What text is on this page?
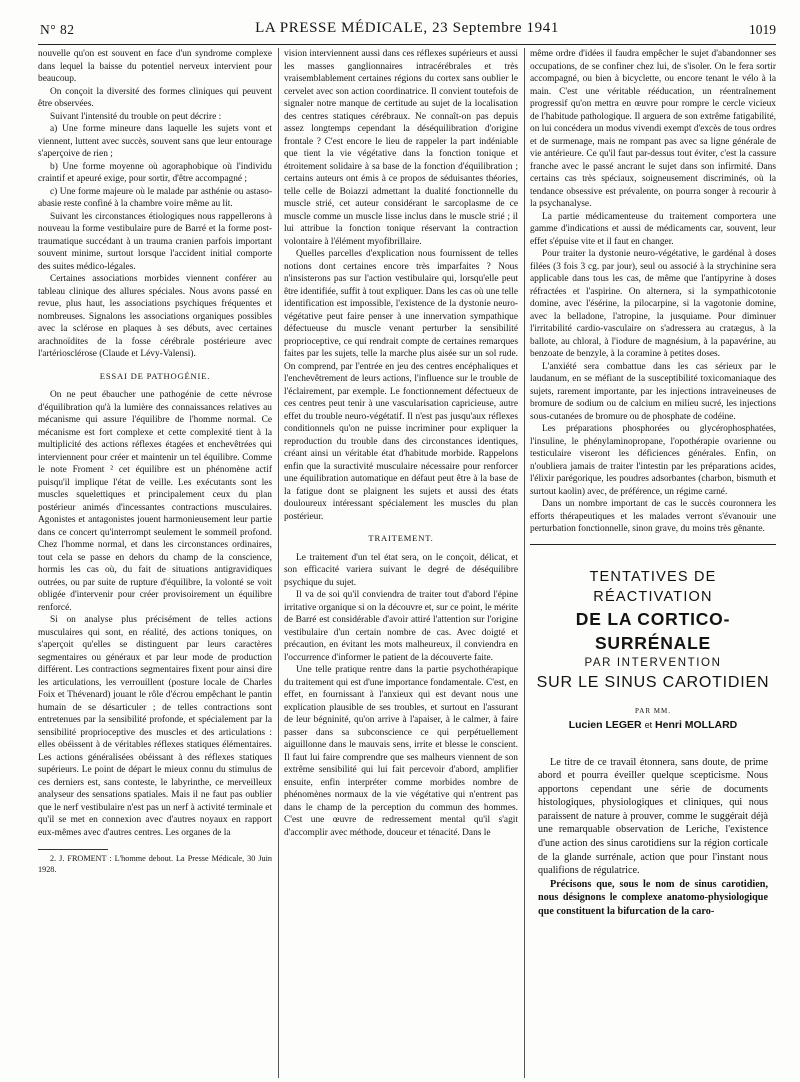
N° 82	LA PRESSE MÉDICALE, 23 Septembre 1941	1019

nouvelle qu'on est souvent en face d'un syndrome complexe dans lequel la baisse du potentiel nerveux intervient pour beaucoup.

On conçoit la diversité des formes cliniques qui peuvent être observées.

Suivant l'intensité du trouble on peut décrire :

a) Une forme mineure dans laquelle les sujets vont et viennent, luttent avec succès, souvent sans que leur entourage s'aperçoive de rien ;

b) Une forme moyenne où agoraphobique où l'individu craintif et apeuré exige, pour sortir, d'être accompagné ;

c) Une forme majeure où le malade par asthénie ou astaso-abasie reste confiné à la chambre voire même au lit.

Suivant les circonstances étiologiques nous rappellerons à nouveau la forme vestibulaire pure de Barré et la forme post-traumatique succédant à un trauma cranien parfois important souvent minime, surtout lorsque l'accident initial comporte des suites médico-légales.

Certaines associations morbides viennent conférer au tableau clinique des allures spéciales. Nous avons passé en revue, plus haut, les associations psychiques fréquentes et nombreuses. Signalons les associations organiques possibles avec la sclérose en plaques à ses débuts, avec certaines arachnoïdites de la fosse cérébrale postérieure avec l'artériosclérose (Claude et Lévy-Valensi).

ESSAI DE PATHOGÉNIE.

On ne peut ébaucher une pathogénie de cette névrose d'équilibration qu'à la lumière des connaissances relatives au mécanisme qui assure l'équilibre de l'homme normal. Ce mécanisme est fort complexe et cette complexité tient à la multiplicité des actions réflexes étagées et enchevêtrées qui interviennent pour créer et maintenir un tel équilibre. Comme le note Froment ² cet équilibre est un phénomène actif puisqu'il implique l'état de veille. Les exécutants sont les muscles squelettiques et principalement ceux du plan postérieur animés d'incessantes contractions musculaires. Agonistes et antagonistes jouent harmonieusement leur partie dans ce concert qu'interrompt seulement le sommeil profond. Chez l'homme normal, et dans les circonstances ordinaires, tout cela se passe en dehors du champ de la conscience, hormis les cas où, du fait de situations antigravidiques outrées, ou par suite de rupture d'équilibre, la volonté se voit obligée d'intervenir pour créer provisoirement un équilibre renforcé.

Si on analyse plus précisément de telles actions musculaires qui sont, en réalité, des actions toniques, on s'aperçoit qu'elles se distinguent par leurs caractères segmentaires ou généraux et par leur mode de production différent. Les contractions segmentaires fixent pour ainsi dire les articulations, les verrouillent (posture locale de Charles Foix et Thévenard) jouant le rôle d'écrou empêchant le pantin humain de se désarticuler ; de telles contractions sont entretenues par la sensibilité profonde, et spécialement par la sensibilité proprioceptive des muscles et des articulations : elles obéissent à de véritables réflexes statiques élémentaires. Les actions généralisées obéissant à des réflexes statiques supérieurs. Le point de départ le mieux connu du stimulus de ces derniers est, sans conteste, le labyrinthe, ce merveilleux analyseur des sensations spatiales. Mais il ne faut pas oublier que le nerf vestibulaire n'est pas un nerf à activité terminale et qu'il se met en connexion avec d'autres noyaux en rapport eux-mêmes avec d'autres centres. Les organes de la

2. J. FROMENT : L'homme debout. La Presse Médicale, 30 Juin 1928.

vision interviennent aussi dans ces réflexes supérieurs et aussi les masses ganglionnaires intracérébrales et très vraisemblablement certaines régions du cortex sans oublier le cervelet avec son action coordinatrice. Il convient toutefois de signaler notre manque de certitude au sujet de la localisation des centres statiques cérébraux. Ne connaît-on pas depuis assez longtemps cependant la déséquilibration d'origine frontale ? C'est encore le lieu de rappeler la part indéniable que tient la vie végétative dans la fonction tonique et étroitement solidaire à sa base de la fonction d'équilibration ; certains auteurs ont émis à ce propos de séduisantes théories, telle celle de Boiazzi admettant la dualité fonctionnelle du muscle strié, cet auteur considérant le sarcoplasme de ce muscle comme un muscle lisse inclus dans le muscle strié ; il lui attribue la fonction tonique réservant la contraction volontaire à l'élément myofibrillaire.

Quelles parcelles d'explication nous fournissent de telles notions dont certaines encore très imparfaites ? Nous n'insisterons pas sur l'action vestibulaire qui, lorsqu'elle peut être identifiée, suffit à tout expliquer. Dans les cas où une telle identification est impossible, l'existence de la dystonie neuro-végétative peut faire penser à une innervation sympathique défectueuse du muscle venant perturber la sensibilité proprioceptive, ce qui rendrait compte de certaines remarques faites par les sujets, telle la marche plus aisée sur un sol rude. On comprend, par l'entrée en jeu des centres encéphaliques et l'enchevêtrement de leurs actions, l'influence sur le trouble de l'éclairement, par exemple. Le fonctionnement défectueux de ces centres peut tenir à une vascularisation capricieuse, autre effet du trouble neuro-végétatif. Il n'est pas jusqu'aux réflexes conditionnels qu'on ne puisse incriminer pour expliquer la reproduction du trouble dans des circonstances identiques, créant ainsi un véritable état d'habitude morbide. Rappelons enfin que la suractivité musculaire nécessaire pour renforcer une équilibration automatique en défaut peut être à la base de la fatigue dont se plaignent les sujets et aussi des états douloureux intéressant spécialement les muscles du plan postérieur.

TRAITEMENT.

Le traitement d'un tel état sera, on le conçoit, délicat, et son efficacité variera suivant le degré de déséquilibre psychique du sujet.

Il va de soi qu'il conviendra de traiter tout d'abord l'épine irritative organique si on la découvre et, sur ce point, le mérite de Barré est considérable d'avoir attiré l'attention sur l'origine vestibulaire d'un certain nombre de cas. Avec doigté et précaution, en évitant les mots malheureux, il conviendra en l'occurrence d'informer le patient de la découverte faite.

Une telle pratique rentre dans la partie psychothérapique du traitement qui est d'une importance fondamentale. C'est, en effet, en fournissant à l'anxieux qui est devant nous une explication plausible de ses troubles, et surtout en l'assurant de leur bégninité, qu'on arrive à l'apaiser, à le calmer, à faire passer dans sa subconscience ce qui perpétuellement aiguillonne dans le mauvais sens, irrite et blesse le conscient. Il faut lui faire comprendre que ses malheurs viennent de son extrême sensibilité qui lui fait percevoir d'abord, amplifier ensuite, enfin interpréter comme morbides nombre de phénomènes normaux de la vie végétative qui n'entrent pas dans le champ de la perception du commun des hommes. C'est une œuvre de redressement mental qu'il s'agit d'accomplir avec méthode, douceur et ténacité. Dans le

même ordre d'idées il faudra empêcher le sujet d'abandonner ses occupations, de se confiner chez lui, de s'isoler. On le fera sortir accompagné, ou bien à bicyclette, ou encore tenant le vélo à la main. C'est une véritable rééducation, un réentraînement progressif qu'on mettra en œuvre pour rompre le cercle vicieux de l'habitude pathologique. Il arguera de son extrême fatigabilité, on lui concédera un modus vivendi exempt d'excès de tous ordres et de surmenage, mais ne rompant pas avec sa ligne générale de vie antérieure. Ce qu'il faut par-dessus tout éviter, c'est la cassure franche avec le passé ancrant le sujet dans son infirmité. Dans certains cas très spéciaux, soigneusement discriminés, où la tendance obsessive est prévalente, on pourra songer à recourir à la psychanalyse.

La partie médicamenteuse du traitement comportera une gamme d'indications et aussi de médicaments car, souvent, leur effet s'épuise vite et il faut en changer.

Pour traiter la dystonie neuro-végétative, le gardénal à doses filées (3 fois 3 cg. par jour), seul ou associé à la strychinine sera applicable dans tous les cas, de même que l'antipyrine à doses réfractées et l'aspirine. On alternera, si la sympathicotonie domine, avec l'ésérine, la pilocarpine, si la vagotonie domine, avec la belladone, l'atropine, la jusquiame. Pour diminuer l'irritabilité cardio-vasculaire on s'adressera au cratægus, à la ballote, au chloral, à l'iodure de magnésium, à la papavérine, au benzoate de benzyle, à la coramine à petites doses.

L'anxiété sera combattue dans les cas sérieux par le laudanum, en se méfiant de la susceptibilité toxicomaniaque des sujets, rarement importante, par les injections intraveineuses de bromure de sodium ou de calcium en milieu sucré, les injections sous-cutanées de bromure ou de phosphate de codéine.

Les préparations phosphorées ou glycérophosphatées, l'insuline, le phénylaminopropane, l'opothérapie ovarienne ou testiculaire viseront les déficiences générales. Enfin, on n'oubliera jamais de traiter l'intestin par les préparations acides, l'élixir parégorique, les poudres adsorbantes (charbon, bismuth et surtout kaolin) avec, de préférence, un régime carné.

Dans un nombre important de cas le succès couronnera les efforts thérapeutiques et les malades verront s'évanouir une perturbation fonctionnelle, sinon grave, du moins très gênante.

TENTATIVES DE RÉACTIVATION
DE LA CORTICO-SURRÉNALE
PAR INTERVENTION
SUR LE SINUS CAROTIDIEN
PAR MM.
Lucien LEGER et Henri MOLLARD

Le titre de ce travail étonnera, sans doute, de prime abord et pourra éveiller quelque scepticisme. Nous apportons cependant une série de documents histologiques, physiologiques et cliniques, qui nous paraissent de nature à prouver, comme le suggérait déjà une remarquable observation de Leriche, l'existence d'une action des sinus carotidiens sur la région corticale de la glande surrénale, action que pour l'instant nous qualifions de régulatrice.

Précisons que, sous le nom de sinus carotidien, nous désignons le complexe anatomo-physiologique que constituent la bifurcation de la caro-
